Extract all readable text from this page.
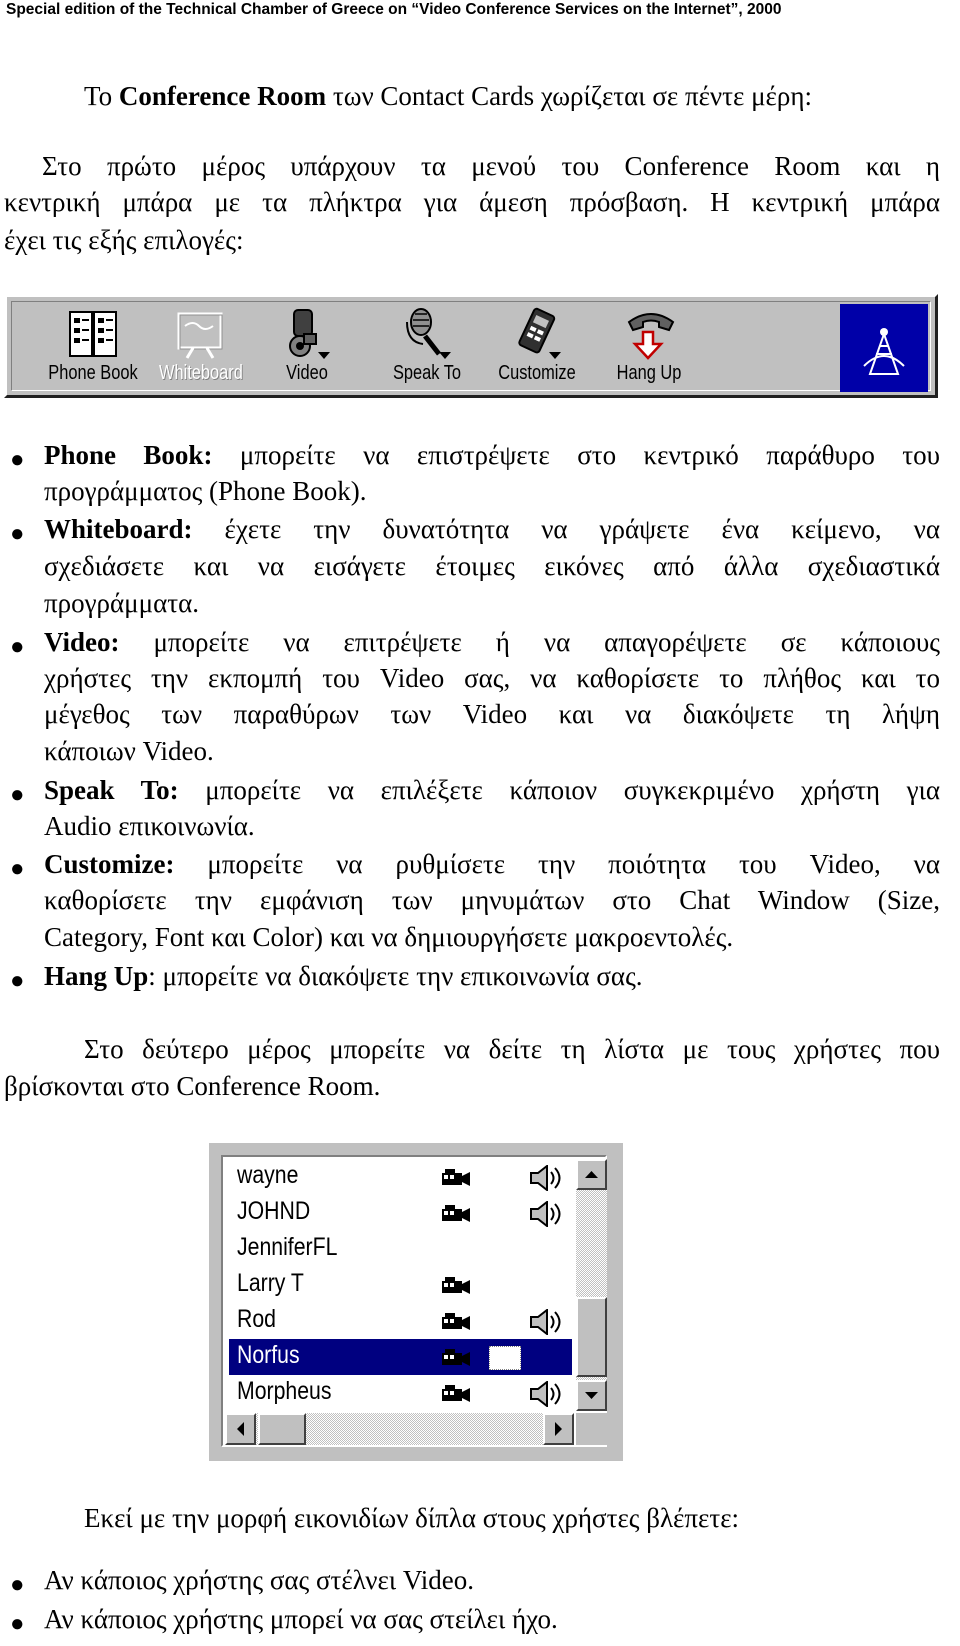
Special edition of the Technical Chamber of Greece on “Video Conference Services on the Internet”, 2000

Το Conference Room των Contact Cards χωρίζεται σε πέντε μέρη:

Στο πρώτο μέρος υπάρχουν τα μενού του Conference Room και η

κεντρική μπάρα με τα πλήκτρα για άμεση πρόσβαση. Η κεντρική μπάρα

έχει τις εξής επιλογές:

Phone Book Whiteboard	Video	Speak To	Customize	Hang Up
● Phone Book: μπορείτε να επιστρέψετε στο κεντρικό παράθυρο του

προγράμματος (Phone Book).

● Whiteboard: έχετε την δυνατότητα να γράψετε ένα κείμενο, να

σχεδιάσετε και να εισάγετε έτοιμες εικόνες από άλλα σχεδιαστικά

προγράμματα.

● Video: μπορείτε να επιτρέψετε ή να απαγορέψετε σε κάποιους

χρήστες την εκπομπή του Video σας, να καθορίσετε το πλήθος και το

μέγεθος των παραθύρων των Video και να διακόψετε τη λήψη

κάποιων Video.

● Speak To: μπορείτε να επιλέξετε κάποιον συγκεκριμένο χρήστη για

Audio επικοινωνία.

● Customize: μπορείτε να ρυθμίσετε την ποιότητα του Video, να

καθορίσετε την εμφάνιση των μηνυμάτων στο Chat Window (Size,

Category, Font και Color) και να δημιουργήσετε μακροεντολές.

● Hang Up: μπορείτε να διακόψετε την επικοινωνία σας.

Στο δεύτερο μέρος μπορείτε να δείτε τη λίστα με τους χρήστες που

βρίσκονται στο Conference Room.

wayne
JOHND
JenniferFL
Larry T
Rod
Norfus
Morpheus

Εκεί με την μορφή εικονιδίων δίπλα στους χρήστες βλέπετε:

● Αν κάποιος χρήστης σας στέλνει Video.

● Αν κάποιος χρήστης μπορεί να σας στείλει ήχο.
